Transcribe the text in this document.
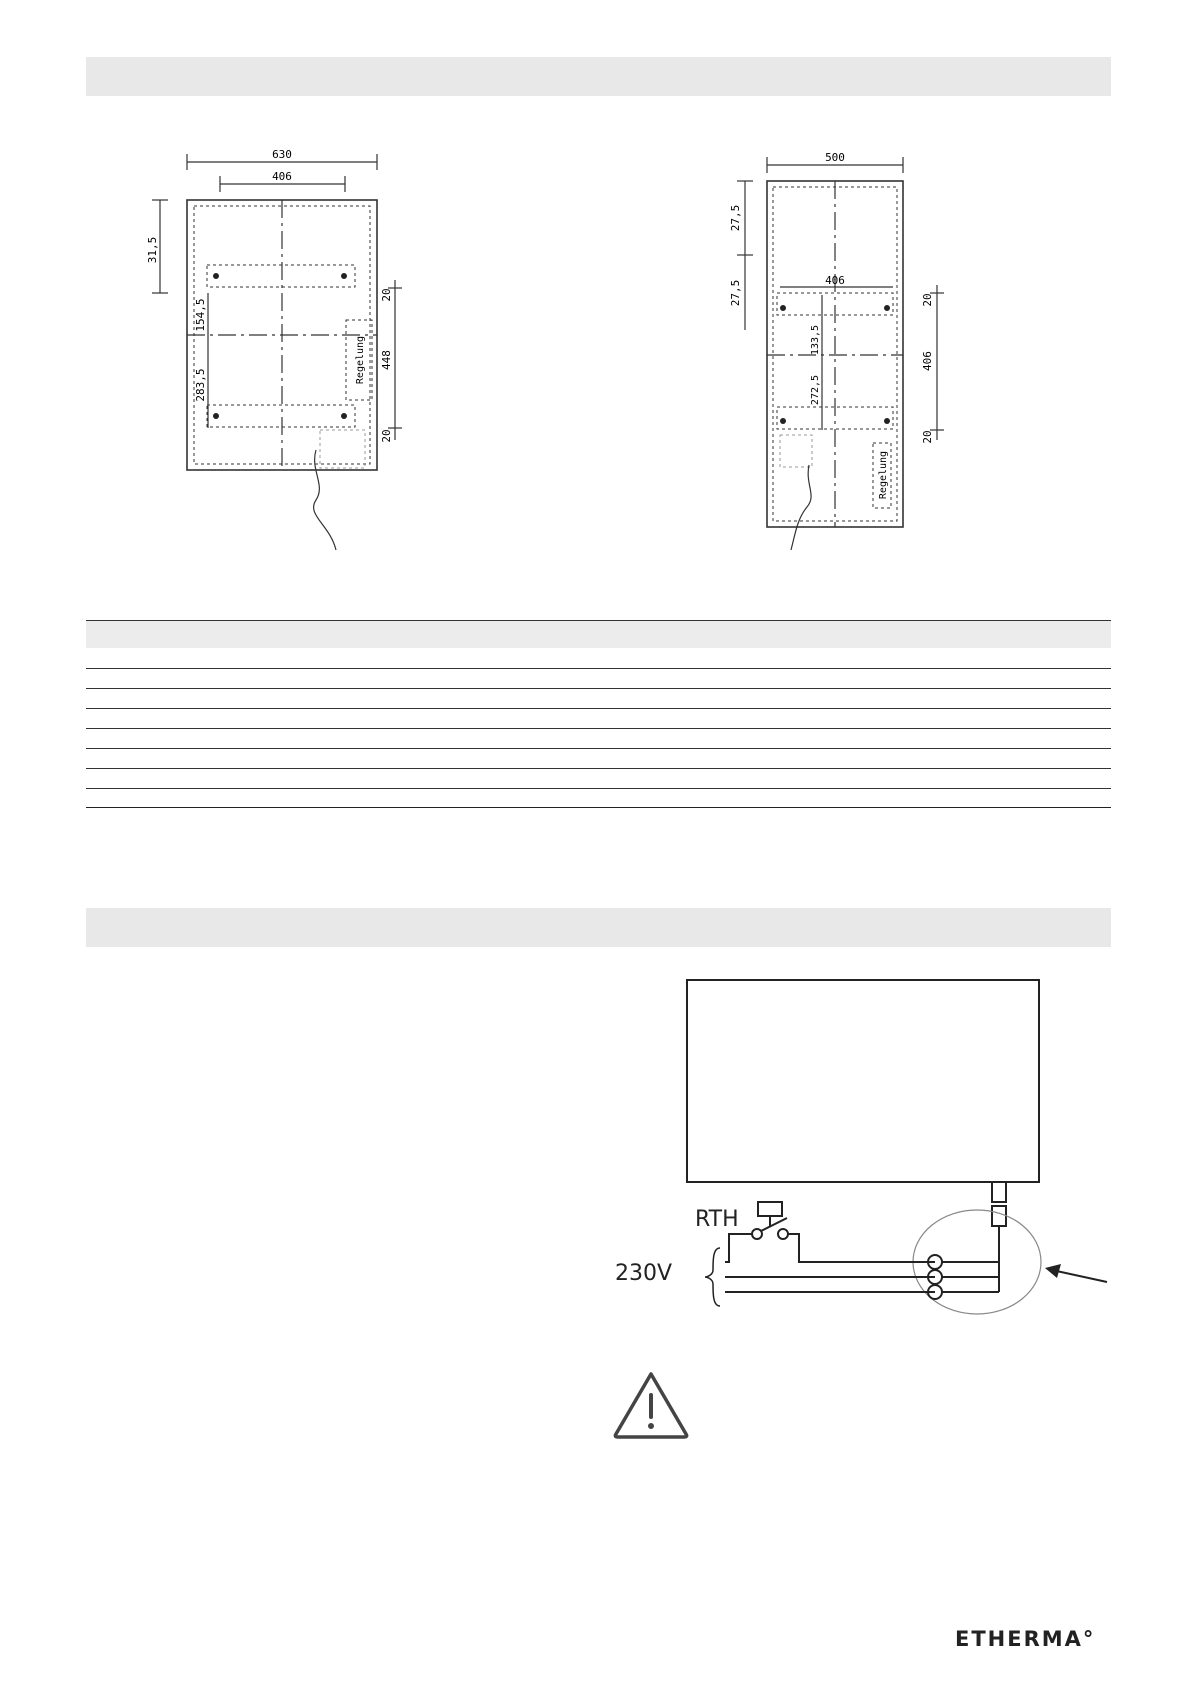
630
406
31,5
154,5
283,5
Regelung
20
448
20
500
406
27,5
27,5
133,5
272,5
Regelung
20
406
20
RTH
230V
ETHERMA°
